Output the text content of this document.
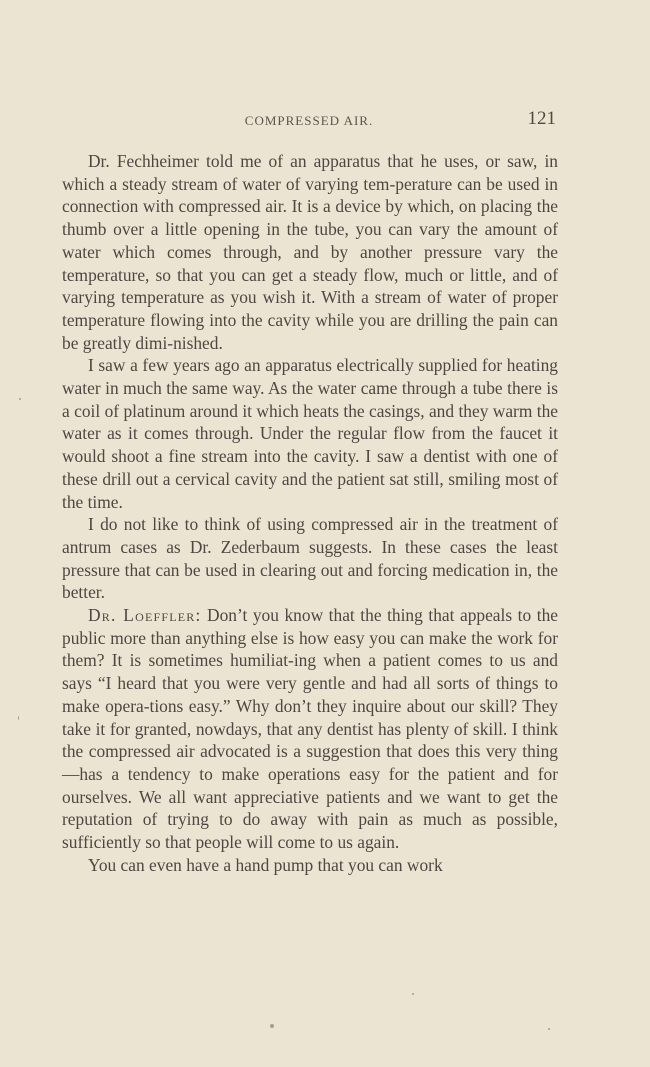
COMPRESSED AIR.	121

Dr. Fechheimer told me of an apparatus that he uses, or saw, in which a steady stream of water of varying tem-perature can be used in connection with compressed air. It is a device by which, on placing the thumb over a little opening in the tube, you can vary the amount of water which comes through, and by another pressure vary the temperature, so that you can get a steady flow, much or little, and of varying temperature as you wish it. With a stream of water of proper temperature flowing into the cavity while you are drilling the pain can be greatly dimi-nished.

I saw a few years ago an apparatus electrically supplied for heating water in much the same way. As the water came through a tube there is a coil of platinum around it which heats the casings, and they warm the water as it comes through. Under the regular flow from the faucet it would shoot a fine stream into the cavity. I saw a dentist with one of these drill out a cervical cavity and the patient sat still, smiling most of the time.

I do not like to think of using compressed air in the treatment of antrum cases as Dr. Zederbaum suggests. In these cases the least pressure that can be used in clearing out and forcing medication in, the better.

Dr. Loeffler: Don’t you know that the thing that appeals to the public more than anything else is how easy you can make the work for them? It is sometimes humiliat-ing when a patient comes to us and says “I heard that you were very gentle and had all sorts of things to make opera-tions easy.” Why don’t they inquire about our skill? They take it for granted, nowdays, that any dentist has plenty of skill. I think the compressed air advocated is a suggestion that does this very thing—has a tendency to make operations easy for the patient and for ourselves. We all want appreciative patients and we want to get the reputation of trying to do away with pain as much as possible, sufficiently so that people will come to us again.

You can even have a hand pump that you can work
